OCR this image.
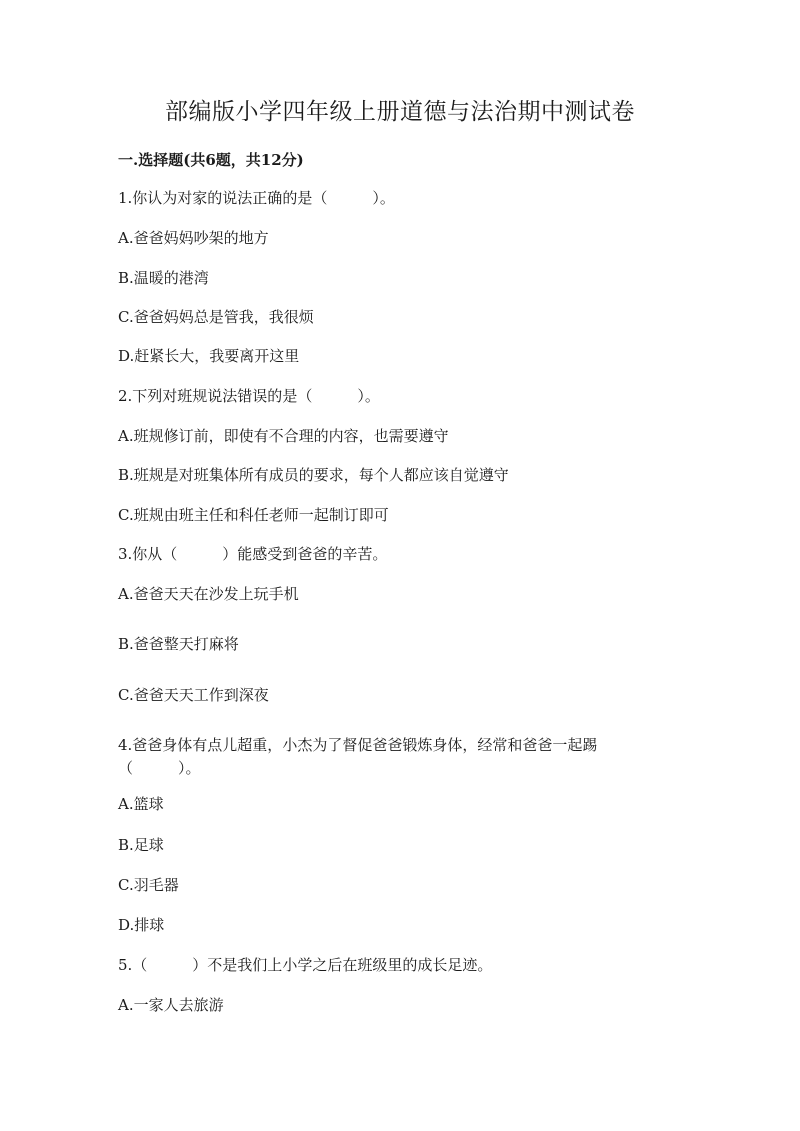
部编版小学四年级上册道德与法治期中测试卷
一.选择题(共6题，共12分)
1.你认为对家的说法正确的是（　　　）。
A.爸爸妈妈吵架的地方
B.温暖的港湾
C.爸爸妈妈总是管我，我很烦
D.赶紧长大，我要离开这里
2.下列对班规说法错误的是（　　　）。
A.班规修订前，即使有不合理的内容，也需要遵守
B.班规是对班集体所有成员的要求，每个人都应该自觉遵守
C.班规由班主任和科任老师一起制订即可
3.你从（　　　）能感受到爸爸的辛苦。
A.爸爸天天在沙发上玩手机
B.爸爸整天打麻将
C.爸爸天天工作到深夜
4.爸爸身体有点儿超重，小杰为了督促爸爸锻炼身体，经常和爸爸一起踢（　　　）。
A.篮球
B.足球
C.羽毛器
D.排球
5.（　　　）不是我们上小学之后在班级里的成长足迹。
A.一家人去旅游
